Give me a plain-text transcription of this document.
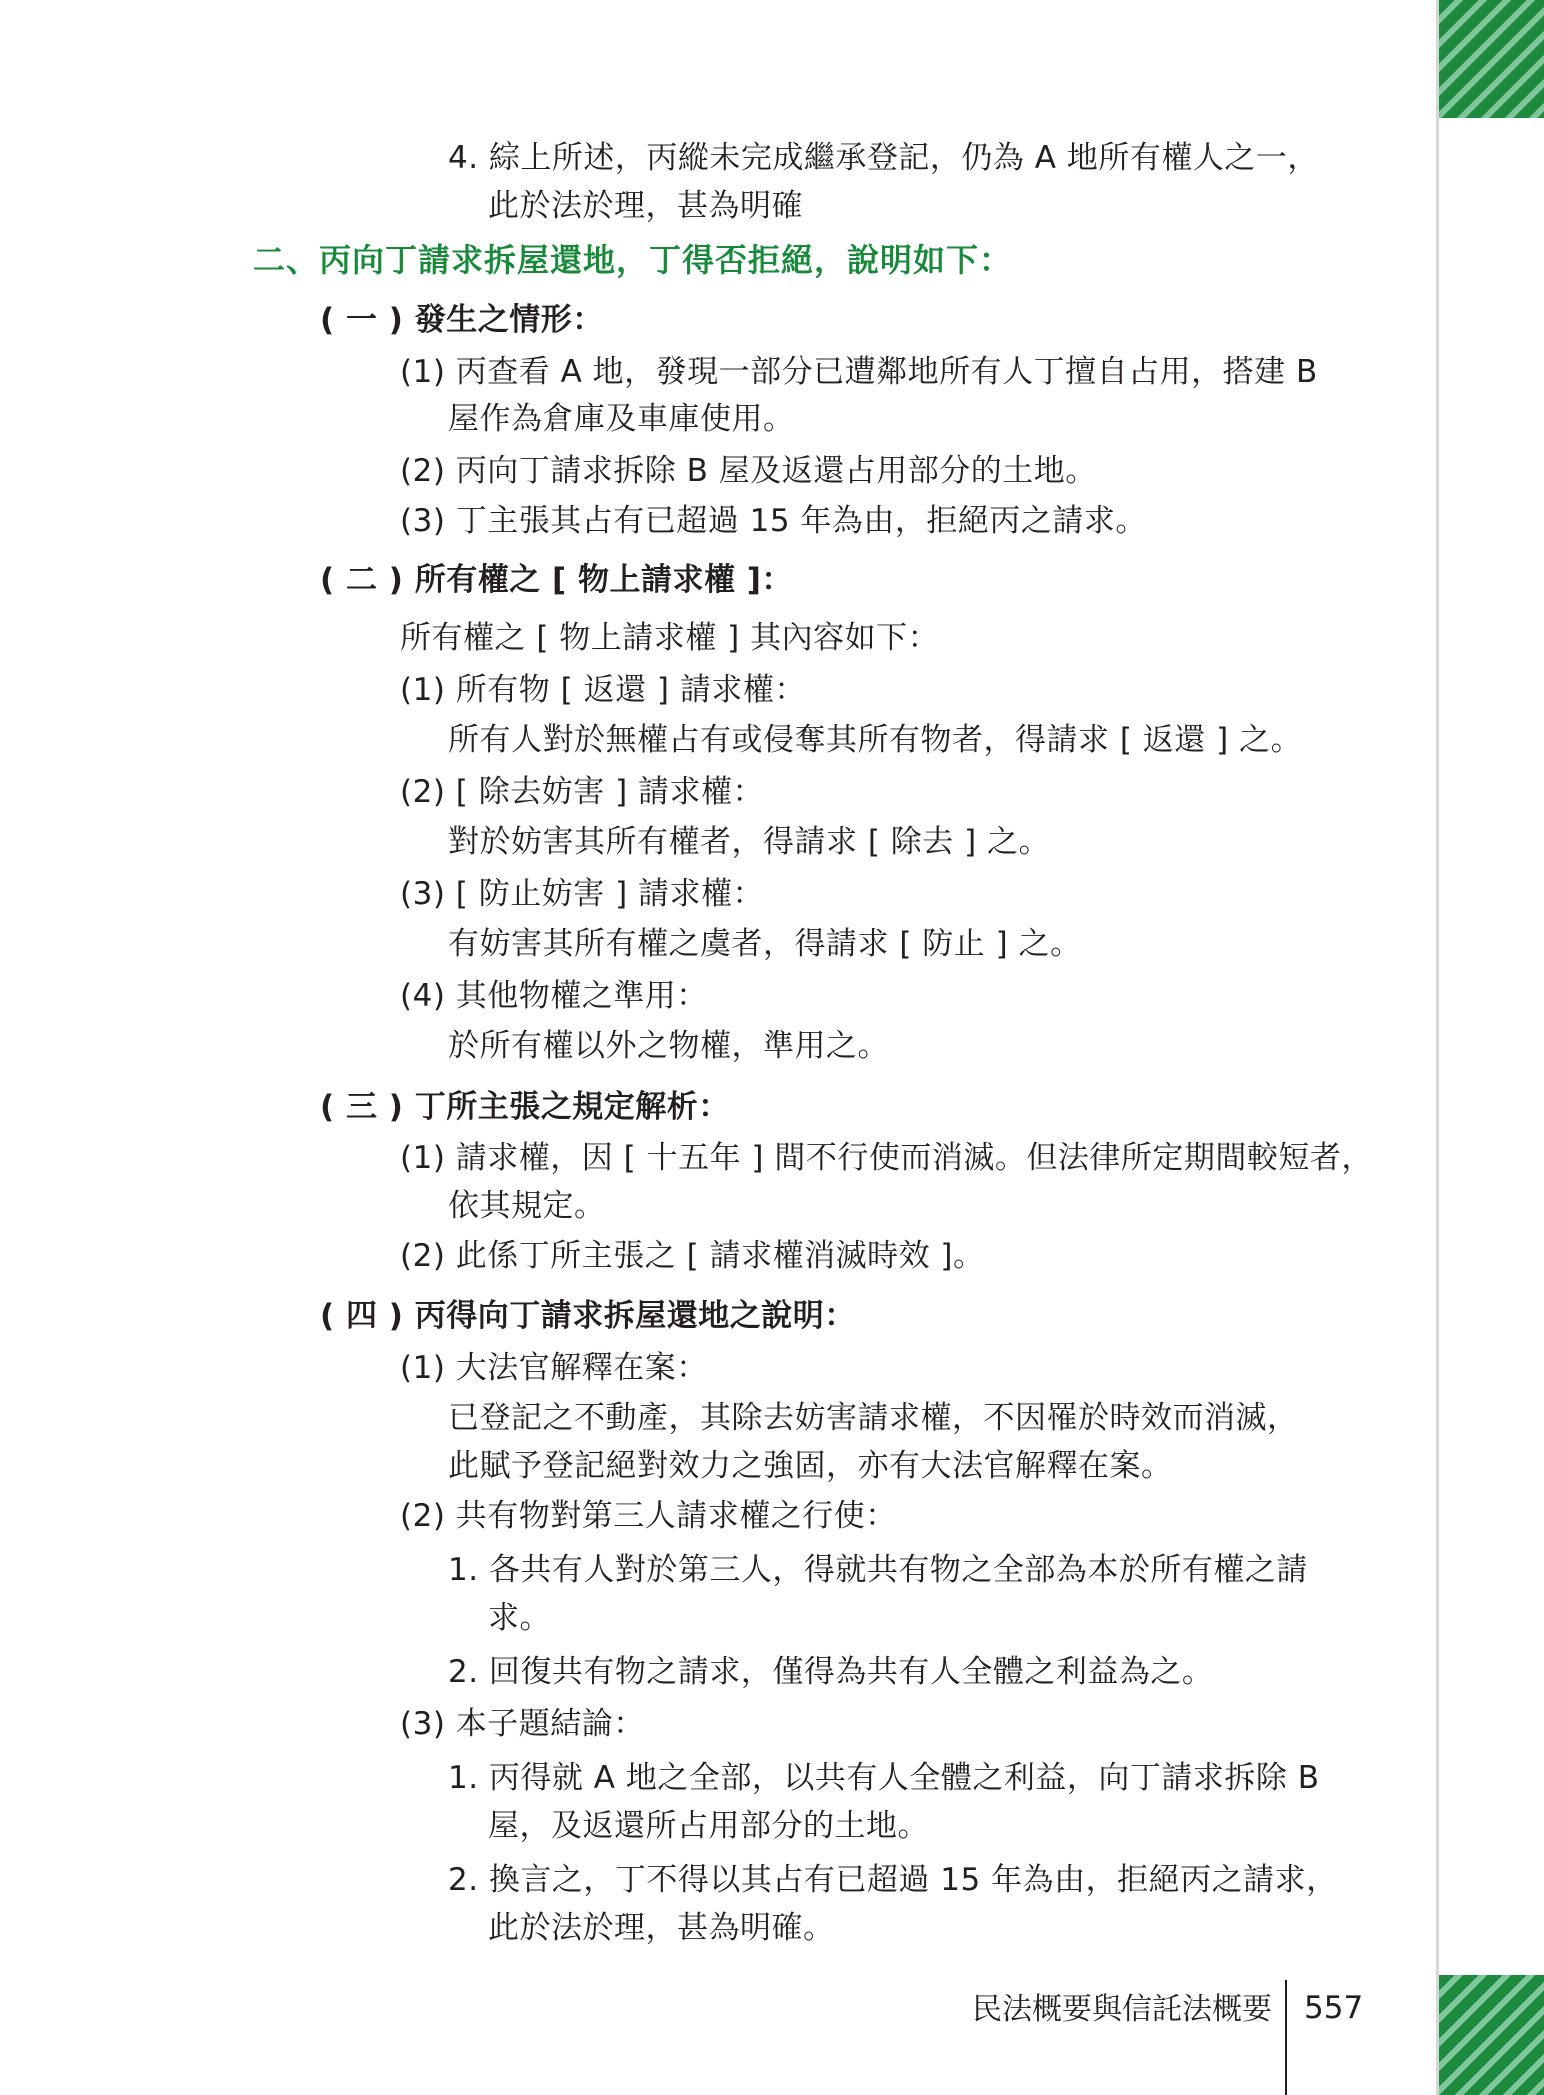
4. 綜上所述，丙縱未完成繼承登記，仍為 A 地所有權人之一，
此於法於理，甚為明確
二、丙向丁請求拆屋還地，丁得否拒絕，說明如下：
( 一 ) 發生之情形：
(1) 丙查看 A 地，發現一部分已遭鄰地所有人丁擅自占用，搭建 B
屋作為倉庫及車庫使用。
(2) 丙向丁請求拆除 B 屋及返還占用部分的土地。
(3) 丁主張其占有已超過 15 年為由，拒絕丙之請求。
( 二 ) 所有權之 [ 物上請求權 ]：
所有權之 [ 物上請求權 ] 其內容如下：
(1) 所有物 [ 返還 ] 請求權：
所有人對於無權占有或侵奪其所有物者，得請求 [ 返還 ] 之。
(2) [ 除去妨害 ] 請求權：
對於妨害其所有權者，得請求 [ 除去 ] 之。
(3) [ 防止妨害 ] 請求權：
有妨害其所有權之虞者，得請求 [ 防止 ] 之。
(4) 其他物權之準用：
於所有權以外之物權，準用之。
( 三 ) 丁所主張之規定解析：
(1) 請求權，因 [ 十五年 ] 間不行使而消滅。但法律所定期間較短者，
依其規定。
(2) 此係丁所主張之 [ 請求權消滅時效 ]。
( 四 ) 丙得向丁請求拆屋還地之說明：
(1) 大法官解釋在案：
已登記之不動產，其除去妨害請求權，不因罹於時效而消滅，
此賦予登記絕對效力之強固，亦有大法官解釋在案。
(2) 共有物對第三人請求權之行使：
1. 各共有人對於第三人，得就共有物之全部為本於所有權之請
求。
2. 回復共有物之請求，僅得為共有人全體之利益為之。
(3) 本子題結論：
1. 丙得就 A 地之全部，以共有人全體之利益，向丁請求拆除 B
屋，及返還所占用部分的土地。
2. 換言之，丁不得以其占有已超過 15 年為由，拒絕丙之請求，
此於法於理，甚為明確。
民法概要與信託法概要 557
